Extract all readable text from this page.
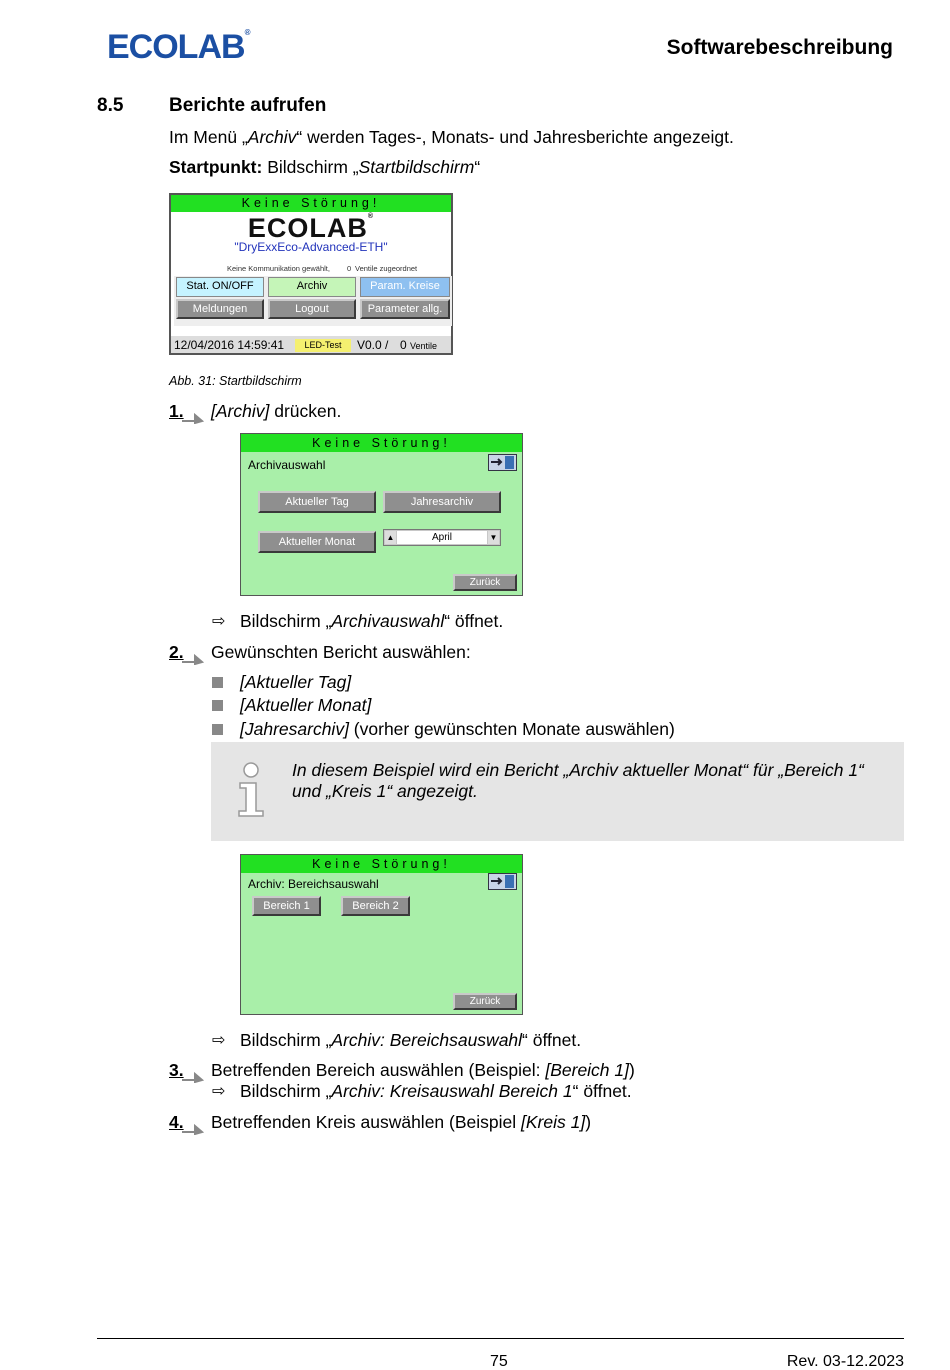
ECOLAB®
Softwarebeschreibung
8.5 Berichte aufrufen
Im Menü „Archiv“ werden Tages-, Monats- und Jahresberichte angezeigt.
Startpunkt: Bildschirm „Startbildschirm“
Keine Störung!
ECOLAB®
"DryExxEco-Advanced-ETH"
Keine Kommunikation gewählt, 0 Ventile zugeordnet
Stat. ON/OFF	Archiv	Param. Kreise
Meldungen	Logout	Parameter allg.
12/04/2016 14:59:41	LED-Test	V0.0 / 0 Ventile
Abb. 31: Startbildschirm
1.	[Archiv] drücken.
Keine Störung!
Archivauswahl
Aktueller Tag	Jahresarchiv
Aktueller Monat	▲	April	▼
Zurück
⇨ Bildschirm „Archivauswahl“ öffnet.
2.	Gewünschten Bericht auswählen:
[Aktueller Tag]
[Aktueller Monat]
[Jahresarchiv] (vorher gewünschten Monate auswählen)
In diesem Beispiel wird ein Bericht „Archiv aktueller Monat“ für „Bereich 1“ und „Kreis 1“ angezeigt.
Keine Störung!
Archiv: Bereichsauswahl
Bereich 1	Bereich 2
Zurück
⇨ Bildschirm „Archiv: Bereichsauswahl“ öffnet.
3.	Betreffenden Bereich auswählen (Beispiel: [Bereich 1])
⇨ Bildschirm „Archiv: Kreisauswahl Bereich 1“ öffnet.
4.	Betreffenden Kreis auswählen (Beispiel [Kreis 1])
75	Rev. 03-12.2023
